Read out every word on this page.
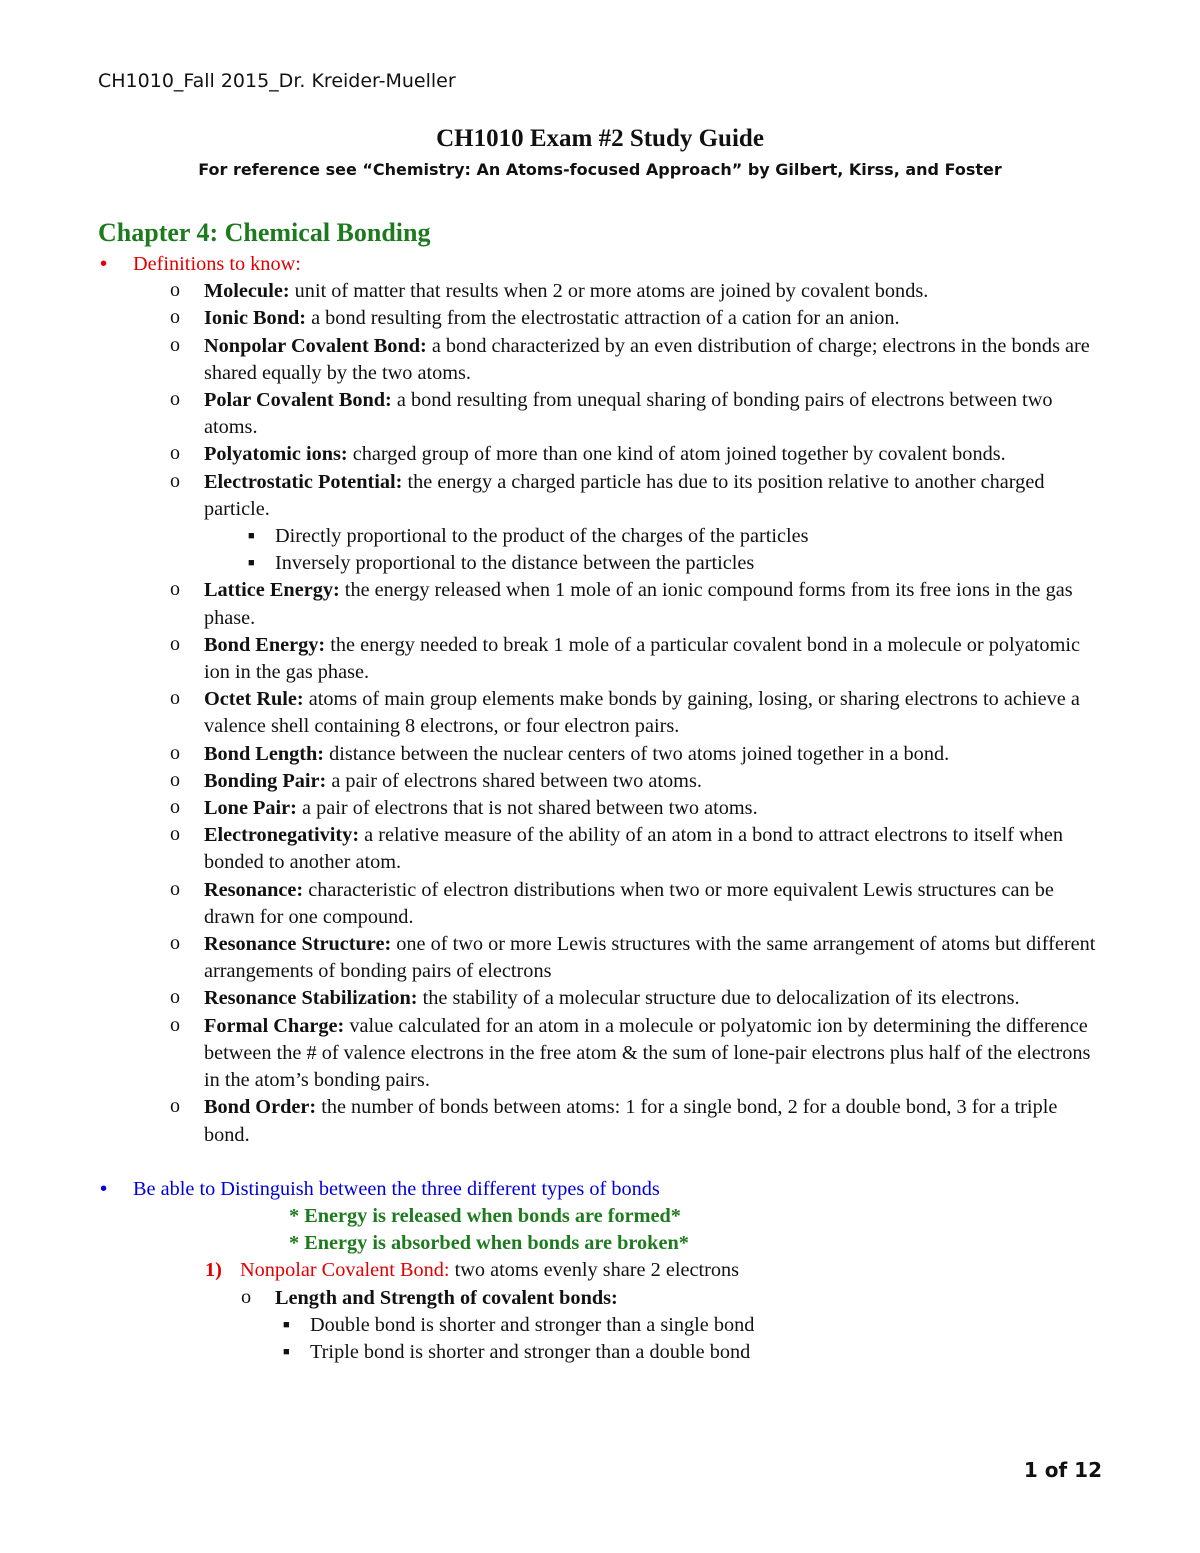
CH1010_Fall 2015_Dr. Kreider-Mueller
CH1010 Exam #2 Study Guide
For reference see “Chemistry: An Atoms-focused Approach” by Gilbert, Kirss, and Foster
Chapter 4: Chemical Bonding
• Definitions to know:
o Molecule: unit of matter that results when 2 or more atoms are joined by covalent bonds.
o Ionic Bond: a bond resulting from the electrostatic attraction of a cation for an anion.
o Nonpolar Covalent Bond: a bond characterized by an even distribution of charge; electrons in the bonds are shared equally by the two atoms.
o Polar Covalent Bond: a bond resulting from unequal sharing of bonding pairs of electrons between two atoms.
o Polyatomic ions: charged group of more than one kind of atom joined together by covalent bonds.
o Electrostatic Potential: the energy a charged particle has due to its position relative to another charged particle.
■ Directly proportional to the product of the charges of the particles
■ Inversely proportional to the distance between the particles
o Lattice Energy: the energy released when 1 mole of an ionic compound forms from its free ions in the gas phase.
o Bond Energy: the energy needed to break 1 mole of a particular covalent bond in a molecule or polyatomic ion in the gas phase.
o Octet Rule: atoms of main group elements make bonds by gaining, losing, or sharing electrons to achieve a valence shell containing 8 electrons, or four electron pairs.
o Bond Length: distance between the nuclear centers of two atoms joined together in a bond.
o Bonding Pair: a pair of electrons shared between two atoms.
o Lone Pair: a pair of electrons that is not shared between two atoms.
o Electronegativity: a relative measure of the ability of an atom in a bond to attract electrons to itself when bonded to another atom.
o Resonance: characteristic of electron distributions when two or more equivalent Lewis structures can be drawn for one compound.
o Resonance Structure: one of two or more Lewis structures with the same arrangement of atoms but different arrangements of bonding pairs of electrons
o Resonance Stabilization: the stability of a molecular structure due to delocalization of its electrons.
o Formal Charge: value calculated for an atom in a molecule or polyatomic ion by determining the difference between the # of valence electrons in the free atom & the sum of lone-pair electrons plus half of the electrons in the atom’s bonding pairs.
o Bond Order: the number of bonds between atoms: 1 for a single bond, 2 for a double bond, 3 for a triple bond.
• Be able to Distinguish between the three different types of bonds
* Energy is released when bonds are formed*
* Energy is absorbed when bonds are broken*
1) Nonpolar Covalent Bond: two atoms evenly share 2 electrons
o Length and Strength of covalent bonds:
■ Double bond is shorter and stronger than a single bond
■ Triple bond is shorter and stronger than a double bond
1 of 12
